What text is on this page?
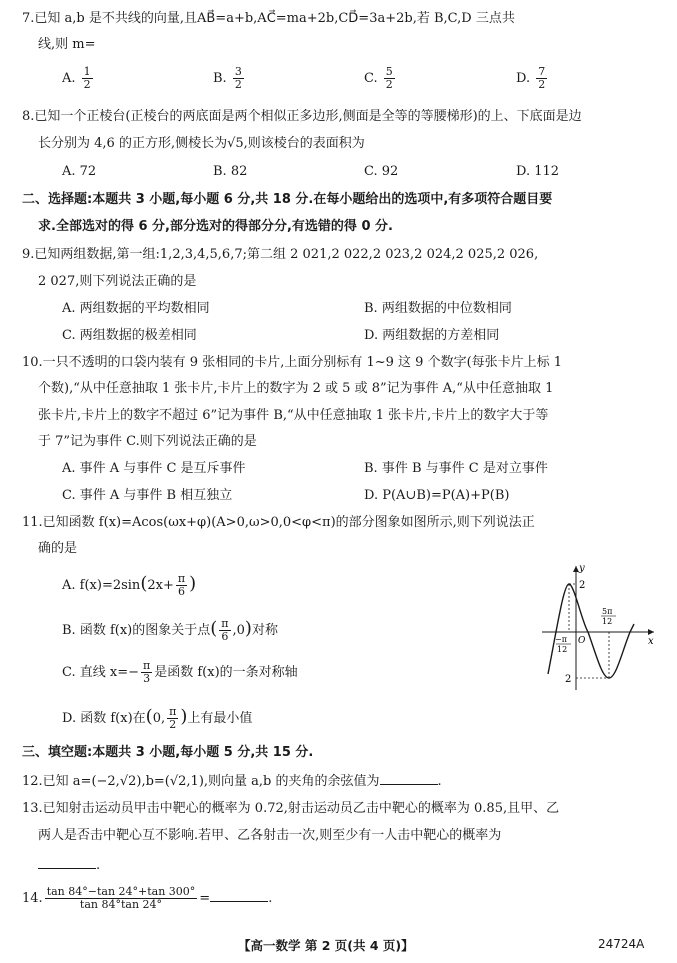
7.已知 a,b 是不共线的向量,且AB⃗=a+b,AC⃗=ma+2b,CD⃗=3a+2b,若 B,C,D 三点共
线,则 m=
A. $\frac{1}{2}$	B. $\frac{3}{2}$	C. $\frac{5}{2}$	D. $\frac{7}{2}$
8.已知一个正棱台(正棱台的两底面是两个相似正多边形,侧面是全等的等腰梯形)的上、下底面是边
长分别为 4,6 的正方形,侧棱长为√5,则该棱台的表面积为
A. 72	B. 82	C. 92	D. 112
二、选择题:本题共 3 小题,每小题 6 分,共 18 分.在每小题给出的选项中,有多项符合题目要
求.全部选对的得 6 分,部分选对的得部分分,有选错的得 0 分.
9.已知两组数据,第一组:1,2,3,4,5,6,7;第二组 2 021,2 022,2 023,2 024,2 025,2 026,
2 027,则下列说法正确的是
A. 两组数据的平均数相同	B. 两组数据的中位数相同
C. 两组数据的极差相同	D. 两组数据的方差相同
10.一只不透明的口袋内装有 9 张相同的卡片,上面分别标有 1~9 这 9 个数字(每张卡片上标 1
个数),“从中任意抽取 1 张卡片,卡片上的数字为 2 或 5 或 8”记为事件 A,“从中任意抽取 1
张卡片,卡片上的数字不超过 6”记为事件 B,“从中任意抽取 1 张卡片,卡片上的数字大于等
于 7”记为事件 C.则下列说法正确的是
A. 事件 A 与事件 C 是互斥事件	B. 事件 B 与事件 C 是对立事件
C. 事件 A 与事件 B 相互独立	D. P(A∪B)=P(A)+P(B)
11.已知函数 f(x)=Acos(ωx+φ)(A>0,ω>0,0<φ<π)的部分图象如图所示,则下列说法正
确的是
A. $f(x)=2\sin(2x+ \frac{\pi}{6}$ )
B. 函数 f(x)的图象关于点( $\frac{\pi}{6} ,0$)对称
C. 直线 $x=- \frac{\pi}{3}$ 是函数 f(x)的一条对称轴
D. 函数 f(x)在(0, $\frac{\pi}{2}$ )上有最小值
y
x
O
2
2
−π
12
5π
12
三、填空题:本题共 3 小题,每小题 5 分,共 15 分.
12.已知 a=(−2,√2),b=(√2,1),则向量 a,b 的夹角的余弦值为	.
13.已知射击运动员甲击中靶心的概率为 0.72,射击运动员乙击中靶心的概率为 0.85,且甲、乙
两人是否击中靶心互不影响.若甲、乙各射击一次,则至少有一人击中靶心的概率为
.
14. $\frac{\tan 84^\circ-\tan 24^\circ+\tan 300^\circ}{\tan 84^\circ\tan 24^\circ}$ =	.
【高一数学 第 2 页(共 4 页)】	24724A
